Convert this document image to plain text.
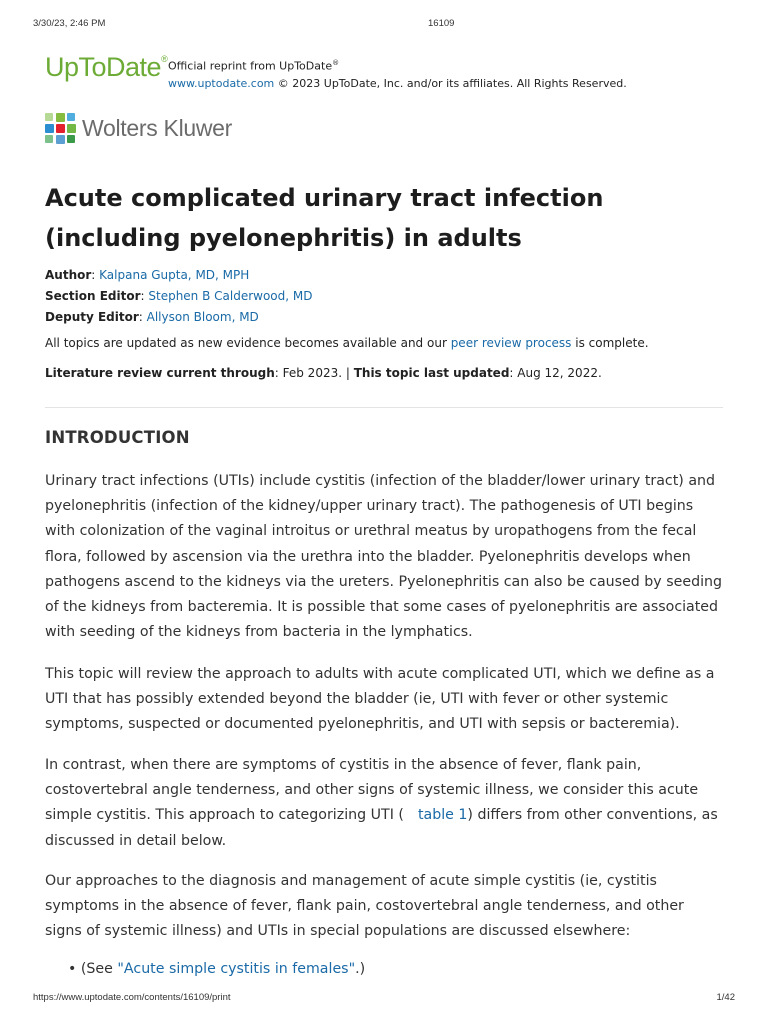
3/30/23, 2:46 PM	16109
UpToDate®
Official reprint from UpToDate®
www.uptodate.com © 2023 UpToDate, Inc. and/or its affiliates. All Rights Reserved.
Wolters Kluwer
Acute complicated urinary tract infection (including pyelonephritis) in adults
Author: Kalpana Gupta, MD, MPH
Section Editor: Stephen B Calderwood, MD
Deputy Editor: Allyson Bloom, MD
All topics are updated as new evidence becomes available and our peer review process is complete.
Literature review current through: Feb 2023. | This topic last updated: Aug 12, 2022.
INTRODUCTION

Urinary tract infections (UTIs) include cystitis (infection of the bladder/lower urinary tract) and pyelonephritis (infection of the kidney/upper urinary tract). The pathogenesis of UTI begins with colonization of the vaginal introitus or urethral meatus by uropathogens from the fecal flora, followed by ascension via the urethra into the bladder. Pyelonephritis develops when pathogens ascend to the kidneys via the ureters. Pyelonephritis can also be caused by seeding of the kidneys from bacteremia. It is possible that some cases of pyelonephritis are associated with seeding of the kidneys from bacteria in the lymphatics.

This topic will review the approach to adults with acute complicated UTI, which we define as a UTI that has possibly extended beyond the bladder (ie, UTI with fever or other systemic symptoms, suspected or documented pyelonephritis, and UTI with sepsis or bacteremia).

In contrast, when there are symptoms of cystitis in the absence of fever, flank pain, costovertebral angle tenderness, and other signs of systemic illness, we consider this acute simple cystitis. This approach to categorizing UTI ( table 1) differs from other conventions, as discussed in detail below.

Our approaches to the diagnosis and management of acute simple cystitis (ie, cystitis symptoms in the absence of fever, flank pain, costovertebral angle tenderness, and other signs of systemic illness) and UTIs in special populations are discussed elsewhere:

• (See "Acute simple cystitis in females".)
https://www.uptodate.com/contents/16109/print	1/42
